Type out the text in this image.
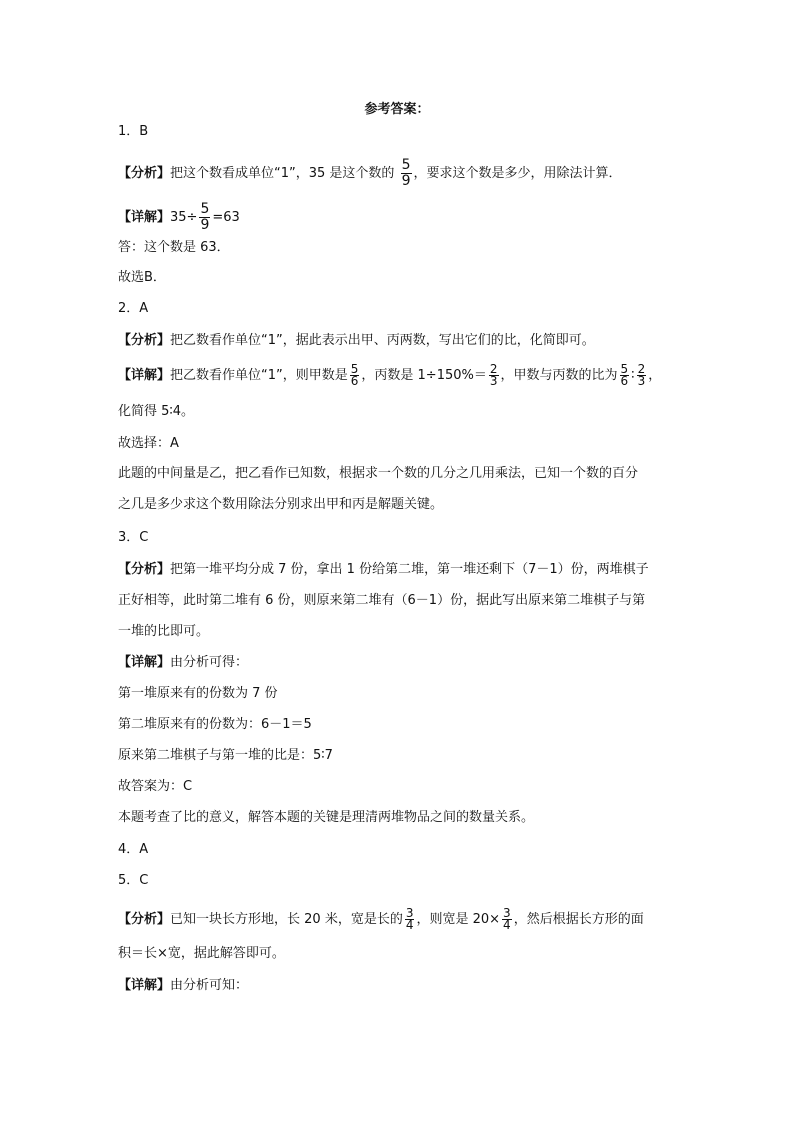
参考答案：
1．B
【分析】把这个数看成单位“1”，35 是这个数的 $\frac{5}{9}$ ，要求这个数是多少，用除法计算．
【详解】$35\div \frac{5}{9} =63$
答：这个数是 63．
故选B．
2．A
【分析】把乙数看作单位“1”，据此表示出甲、丙两数，写出它们的比，化简即可。
【详解】把乙数看作单位“1”，则甲数是 $\frac{5}{6}$ ，丙数是 $1\div 150\%= \frac{2}{3}$ ，甲数与丙数的比为 $\frac{5}{6}$ ∶ $\frac{2}{3}$ ，
化简得 5∶4。
故选择：A
此题的中间量是乙，把乙看作已知数，根据求一个数的几分之几用乘法，已知一个数的百分
之几是多少求这个数用除法分别求出甲和丙是解题关键。
3．C
【分析】把第一堆平均分成 7 份，拿出 1 份给第二堆，第一堆还剩下（7－1）份，两堆棋子
正好相等，此时第二堆有 6 份，则原来第二堆有（6－1）份，据此写出原来第二堆棋子与第
一堆的比即可。
【详解】由分析可得：
第一堆原来有的份数为 7 份
第二堆原来有的份数为：6－1＝5
原来第二堆棋子与第一堆的比是：5∶7
故答案为：C
本题考查了比的意义，解答本题的关键是理清两堆物品之间的数量关系。
4．A
5．C
【分析】已知一块长方形地，长 20 米，宽是长的 $\frac{3}{4}$ ，则宽是 $20\times \frac{3}{4}$ ，然后根据长方形的面
积＝长×宽，据此解答即可。
【详解】由分析可知：
